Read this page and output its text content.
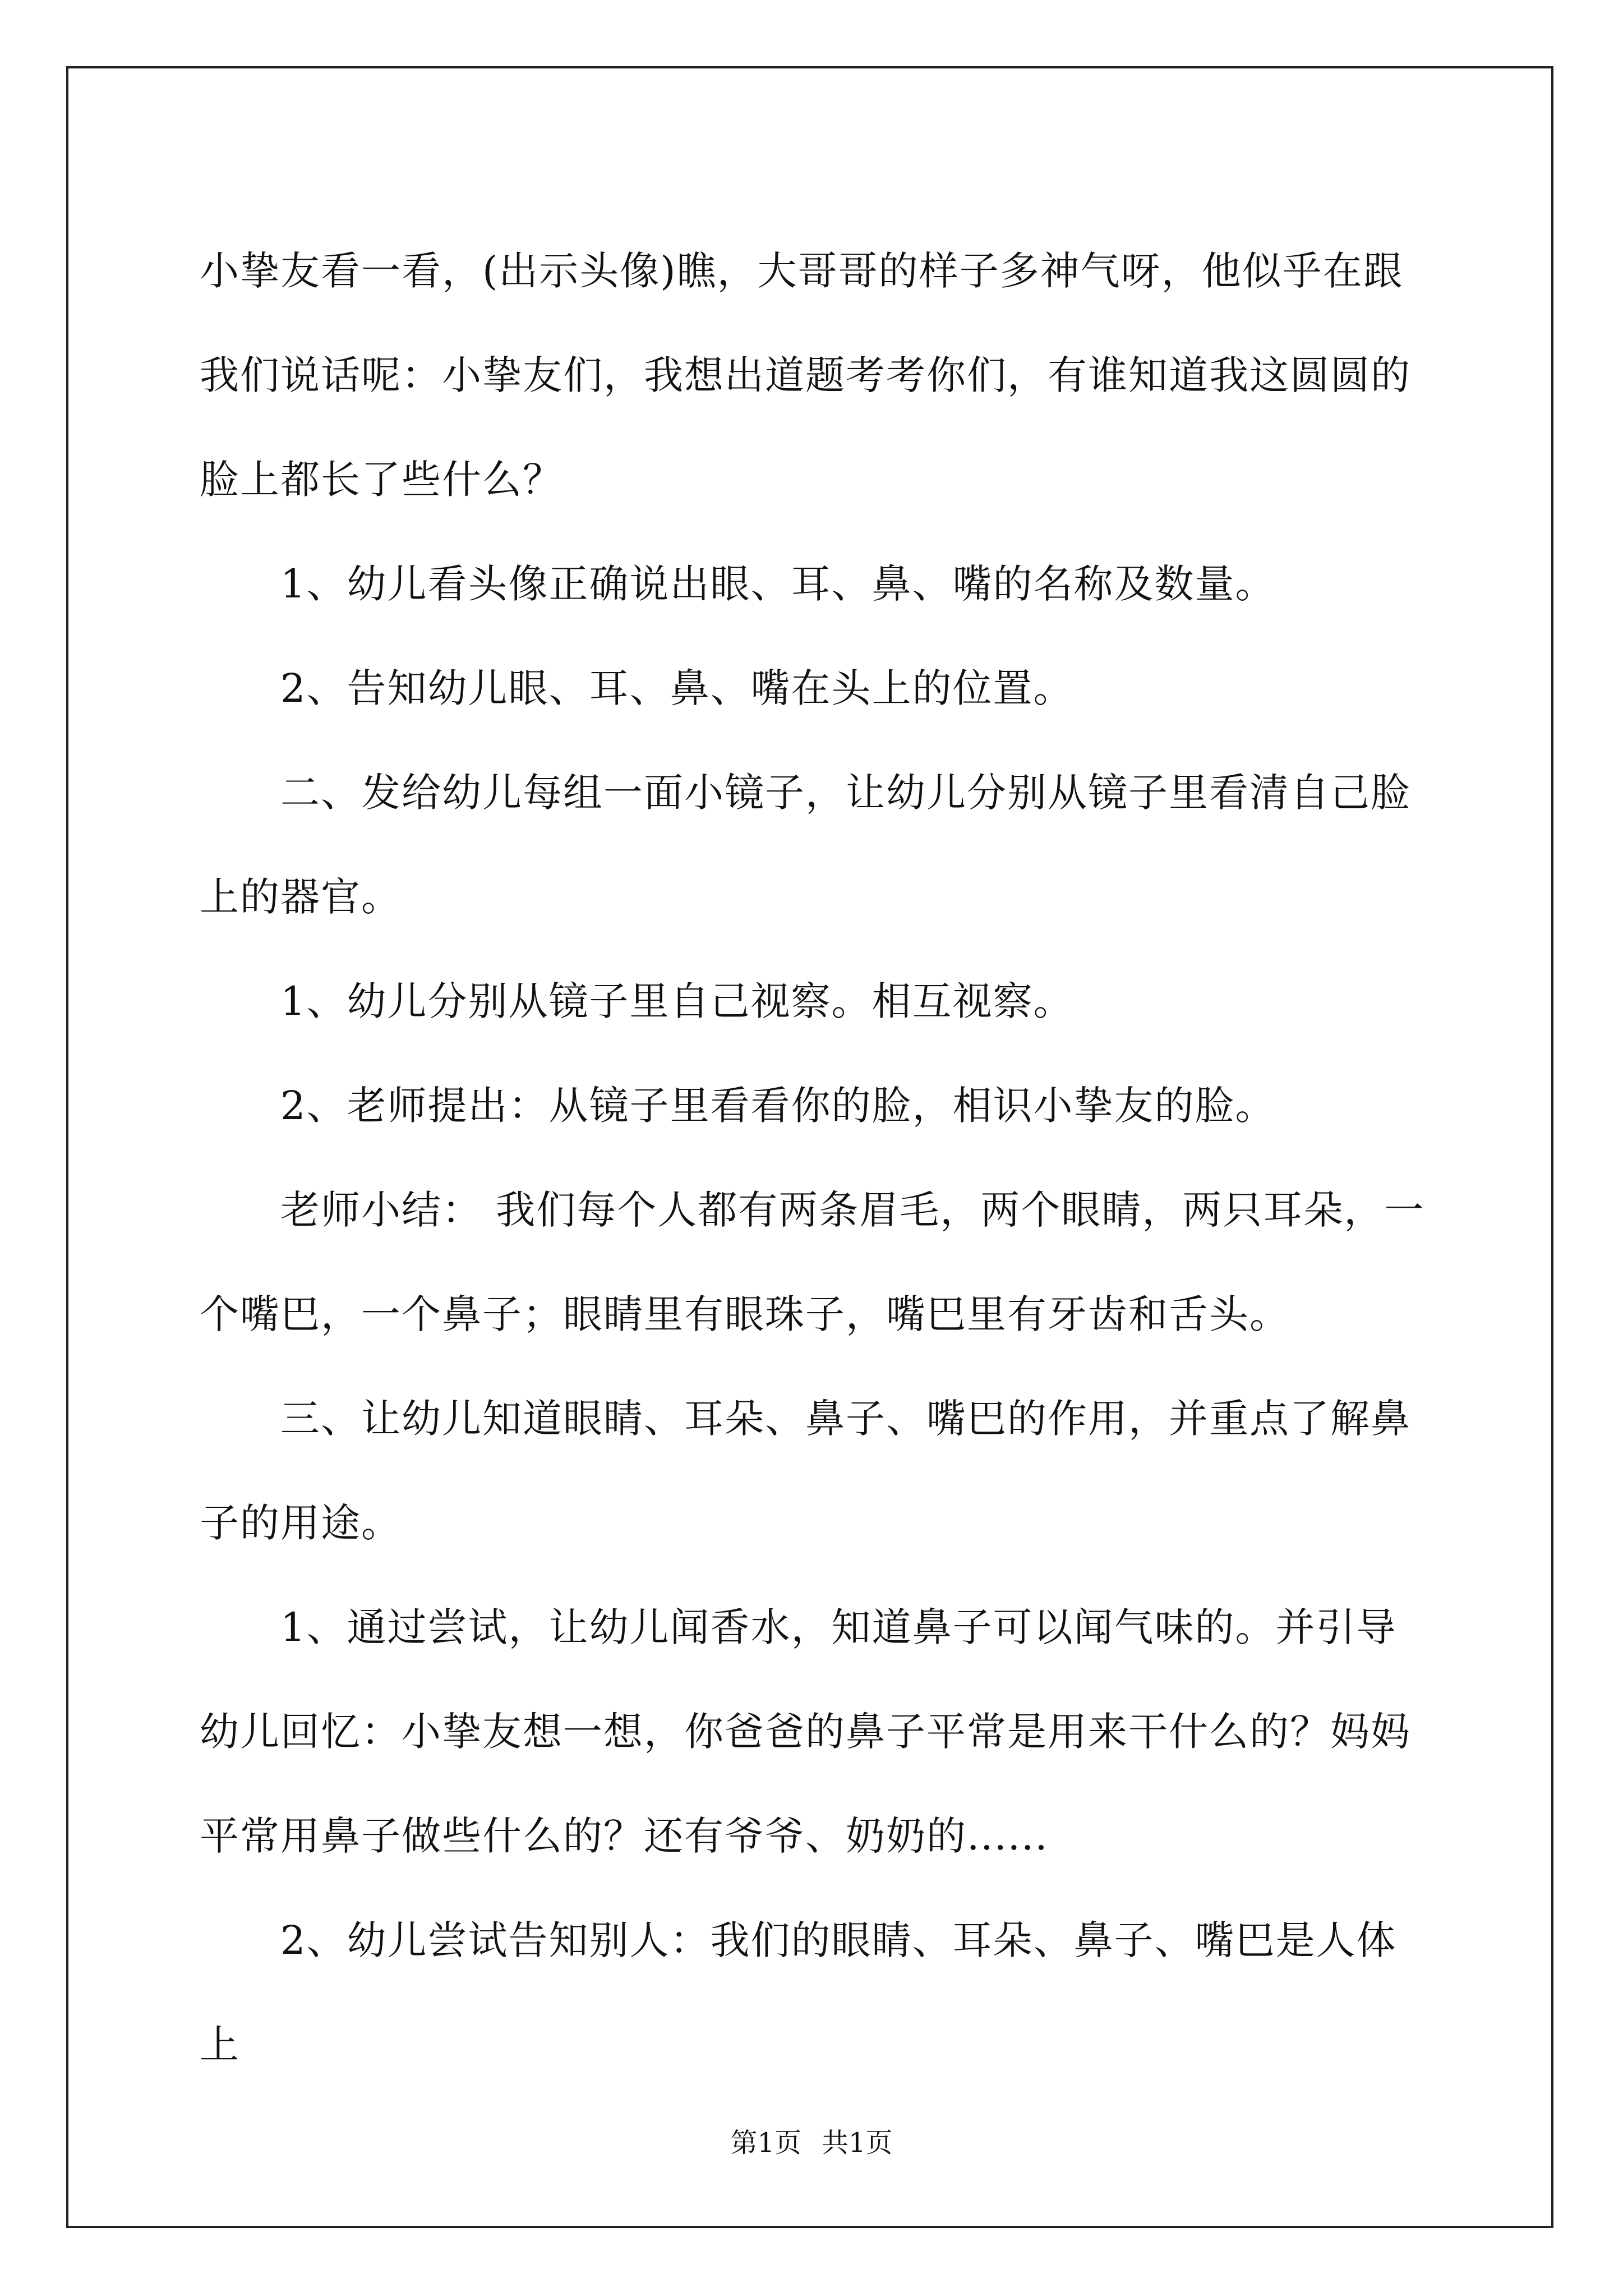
小挚友看一看，(出示头像)瞧，大哥哥的样子多神气呀，他似乎在跟我们说话呢：小挚友们，我想出道题考考你们，有谁知道我这圆圆的脸上都长了些什么？

1、幼儿看头像正确说出眼、耳、鼻、嘴的名称及数量。

2、告知幼儿眼、耳、鼻、嘴在头上的位置。

二、发给幼儿每组一面小镜子，让幼儿分别从镜子里看清自己脸上的器官。

1、幼儿分别从镜子里自己视察。相互视察。

2、老师提出：从镜子里看看你的脸，相识小挚友的脸。

老师小结： 我们每个人都有两条眉毛，两个眼睛，两只耳朵，一个嘴巴，一个鼻子；眼睛里有眼珠子，嘴巴里有牙齿和舌头。

三、让幼儿知道眼睛、耳朵、鼻子、嘴巴的作用，并重点了解鼻子的用途。

1、通过尝试，让幼儿闻香水，知道鼻子可以闻气味的。并引导幼儿回忆：小挚友想一想，你爸爸的鼻子平常是用来干什么的？妈妈平常用鼻子做些什么的？还有爷爷、奶奶的......

2、幼儿尝试告知别人：我们的眼睛、耳朵、鼻子、嘴巴是人体上

第1页 共1页
